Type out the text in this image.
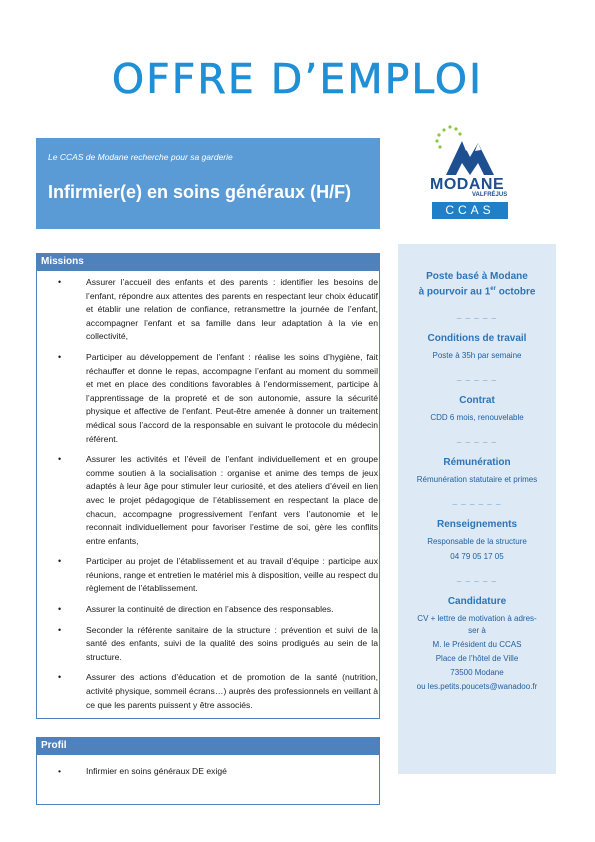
OFFRE D’EMPLOI
Le CCAS de Modane recherche pour sa garderie
Infirmier(e) en soins généraux (H/F)	MODANE
VALFRÉJUS
CCAS
Missions
• Assurer l’accueil des enfants et des parents : identifier les besoins de l’enfant, répondre aux attentes des parents en respectant leur choix éducatif et établir une relation de confiance, retransmettre la journée de l’enfant, accompagner l’enfant et sa famille dans leur adaptation à la vie en collectivité,
• Participer au développement de l’enfant : réalise les soins d’hygiène, fait réchauffer et donne le repas, accompagne l’enfant au moment du sommeil et met en place des conditions favorables à l’endormissement, participe à l’apprentissage de la propreté et de son autonomie, assure la sécurité physique et affective de l’enfant. Peut-être amenée à donner un traitement médical sous l’accord de la responsable en suivant le protocole du médecin référent.
• Assurer les activités et l’éveil de l’enfant individuellement et en groupe comme soutien à la socialisation : organise et anime des temps de jeux adaptés à leur âge pour stimuler leur curiosité, et des ateliers d’éveil en lien avec le projet pédagogique de l’établissement en respectant la place de chacun, accompagne progressivement l’enfant vers l’autonomie et le reconnait individuellement pour favoriser l’estime de soi, gère les conflits entre enfants,
• Participer au projet de l’établissement et au travail d’équipe : participe aux réunions, range et entretien le matériel mis à disposition, veille au respect du règlement de l’établissement.
• Assurer la continuité de direction en l’absence des responsables.
• Seconder la référente sanitaire de la structure : prévention et suivi de la santé des enfants, suivi de la qualité des soins prodigués au sein de la structure.
• Assurer des actions d’éducation et de promotion de la santé (nutrition, activité physique, sommeil écrans…) auprès des professionnels en veillant à ce que les parents puissent y être associés.
Profil
• Infirmier en soins généraux DE exigé
Poste basé à Modane
à pourvoir au 1er octobre
_ _ _ _ _
Conditions de travail
Poste à 35h par semaine
_ _ _ _ _
Contrat
CDD 6 mois, renouvelable
_ _ _ _ _
Rémunération
Rémunération statutaire et primes
_ _ _ _ _ _
Renseignements
Responsable de la structure
04 79 05 17 05
_ _ _ _ _
Candidature
CV + lettre de motivation à adres-
ser à
M. le Président du CCAS
Place de l’hôtel de Ville
73500 Modane
ou les.petits.poucets@wanadoo.fr
